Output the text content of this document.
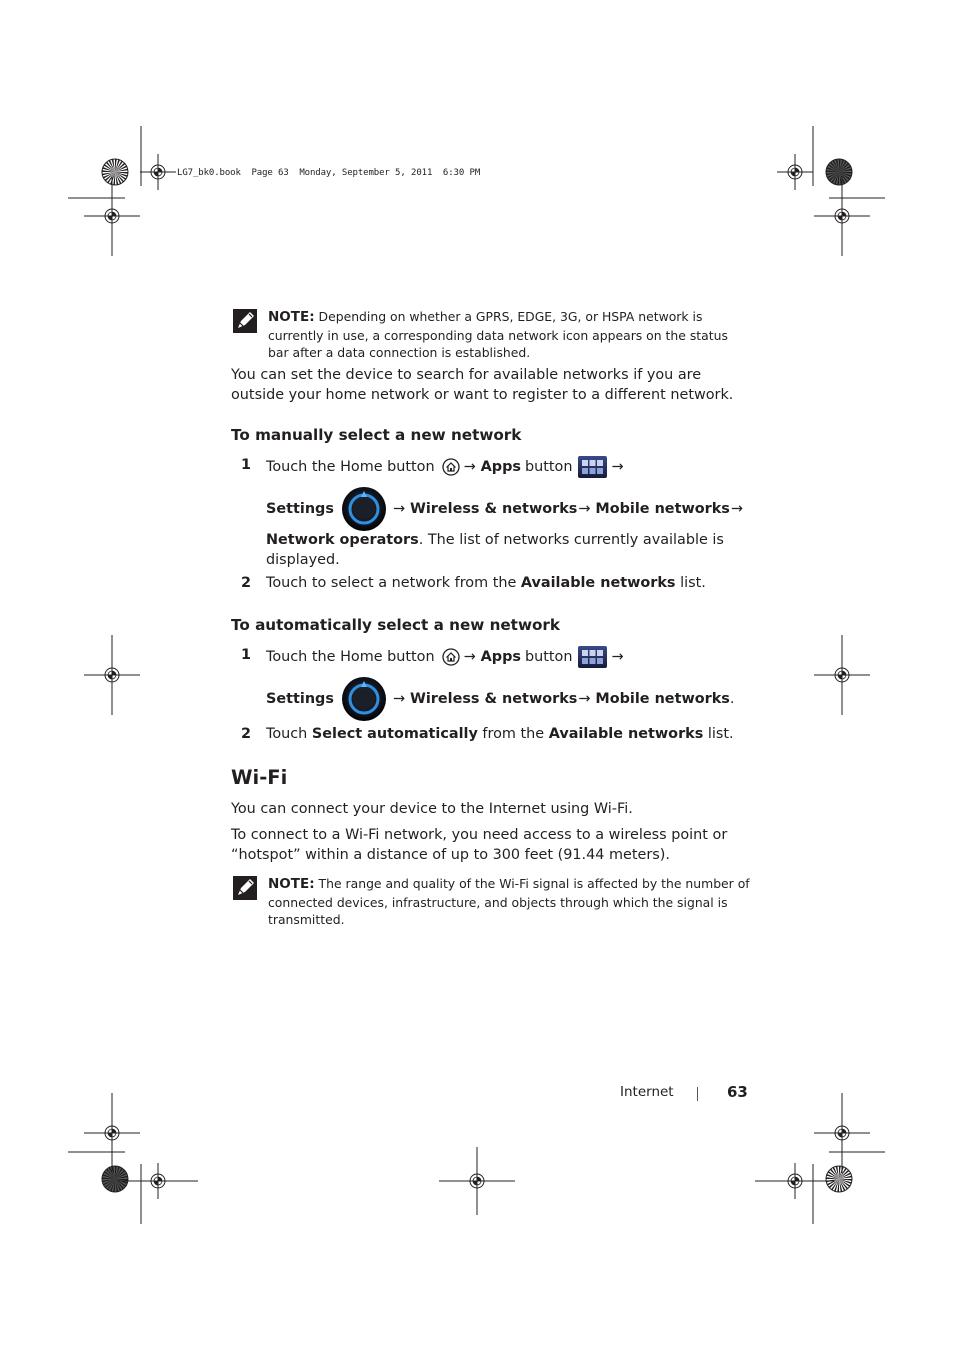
LG7_bk0.book  Page 63  Monday, September 5, 2011  6:30 PM
NOTE: Depending on whether a GPRS, EDGE, 3G, or HSPA network is currently in use, a corresponding data network icon appears on the status bar after a data connection is established.
You can set the device to search for available networks if you are outside your home network or want to register to a different network.
To manually select a new network
1 Touch the Home button → Apps button	→
Settings	→ Wireless & networks → Mobile networks →
Network operators. The list of networks currently available is displayed.
2 Touch to select a network from the Available networks list.
To automatically select a new network
1 Touch the Home button → Apps button	→
Settings	→ Wireless & networks → Mobile networks .
2 Touch Select automatically from the Available networks list.
Wi-Fi
You can connect your device to the Internet using Wi-Fi.
To connect to a Wi-Fi network, you need access to a wireless point or “hotspot” within a distance of up to 300 feet (91.44 meters).
NOTE: The range and quality of the Wi-Fi signal is affected by the number of connected devices, infrastructure, and objects through which the signal is transmitted.
Internet	63
